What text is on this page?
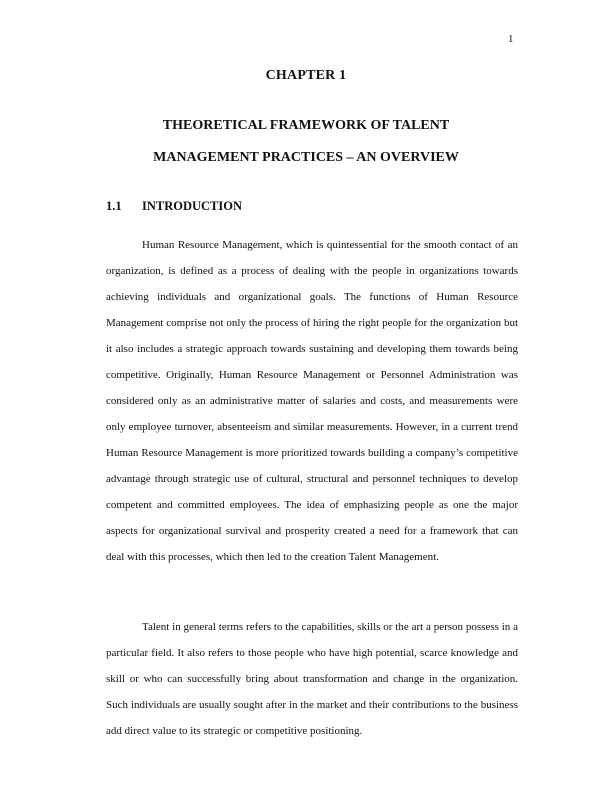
1
CHAPTER 1
THEORETICAL FRAMEWORK OF TALENT
MANAGEMENT PRACTICES – AN OVERVIEW
1.1 INTRODUCTION

Human Resource Management, which is quintessential for the smooth contact of an organization, is defined as a process of dealing with the people in organizations towards achieving individuals and organizational goals. The functions of Human Resource Management comprise not only the process of hiring the right people for the organization but it also includes a strategic approach towards sustaining and developing them towards being competitive. Originally, Human Resource Management or Personnel Administration was considered only as an administrative matter of salaries and costs, and measurements were only employee turnover, absenteeism and similar measurements. However, in a current trend Human Resource Management is more prioritized towards building a company’s competitive advantage through strategic use of cultural, structural and personnel techniques to develop competent and committed employees. The idea of emphasizing people as one the major aspects for organizational survival and prosperity created a need for a framework that can deal with this processes, which then led to the creation Talent Management.

Talent in general terms refers to the capabilities, skills or the art a person possess in a particular field. It also refers to those people who have high potential, scarce knowledge and skill or who can successfully bring about transformation and change in the organization. Such individuals are usually sought after in the market and their contributions to the business add direct value to its strategic or competitive positioning.
